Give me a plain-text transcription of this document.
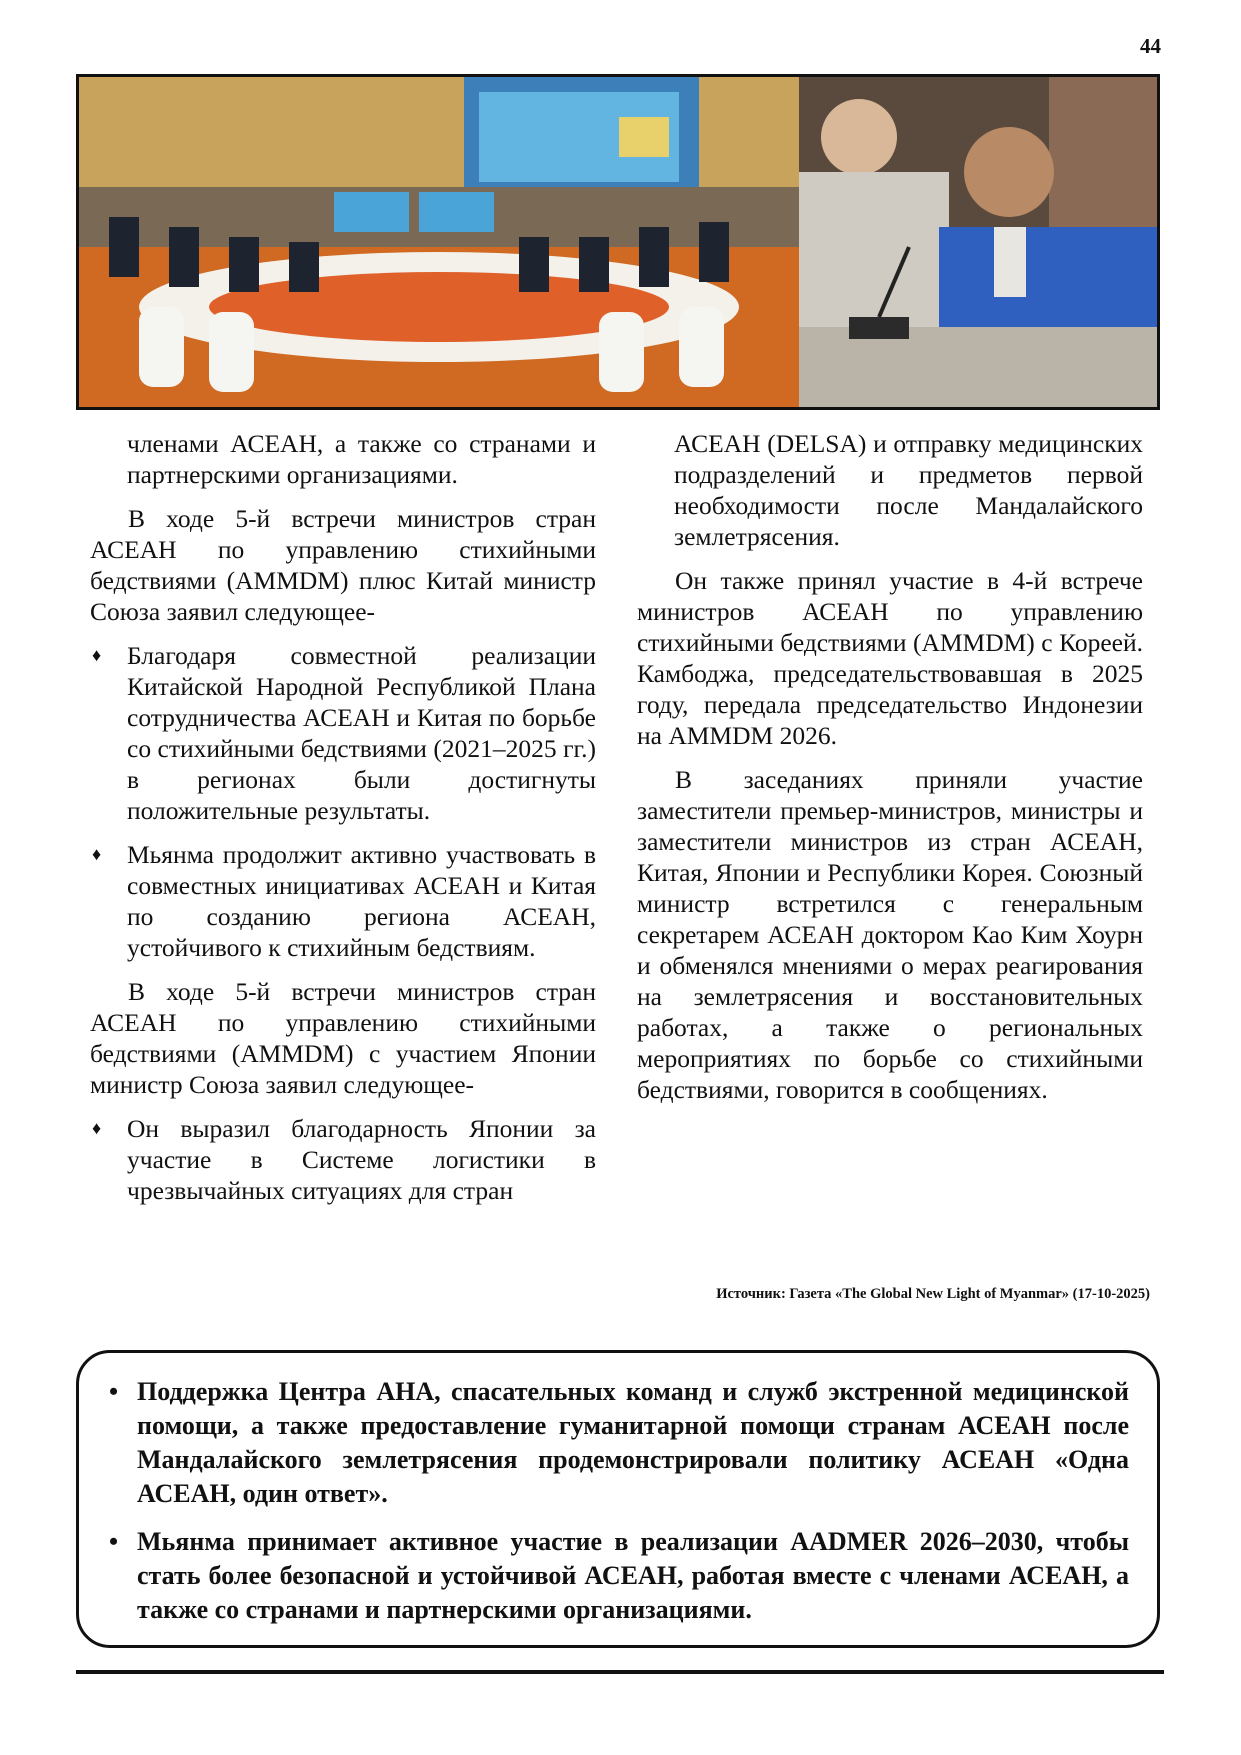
44

членами АСЕАН, а также со странами и партнерскими организациями.

В ходе 5-й встречи министров стран АСЕАН по управлению стихийными бедствиями (AMMDM) плюс Китай министр Союза заявил следующее-

♦ Благодаря совместной реализации Китайской Народной Республикой Плана сотрудничества АСЕАН и Китая по борьбе со стихийными бедствиями (2021–2025 гг.) в регионах были достигнуты положительные результаты.
♦ Мьянма продолжит активно участвовать в совместных инициативах АСЕАН и Китая по созданию региона АСЕАН, устойчивого к стихийным бедствиям.

В ходе 5-й встречи министров стран АСЕАН по управлению стихийными бедствиями (AMMDM) с участием Японии министр Союза заявил следующее-

♦ Он выразил благодарность Японии за участие в Системе логистики в чрезвычайных ситуациях для стран

АСЕАН (DELSA) и отправку медицинских подразделений и предметов первой необходимости после Мандалайского землетрясения.

Он также принял участие в 4-й встрече министров АСЕАН по управлению стихийными бедствиями (AMMDM) с Кореей. Камбоджа, председательствовавшая в 2025 году, передала председательство Индонезии на AMMDM 2026.

В заседаниях приняли участие заместители премьер-министров, министры и заместители министров из стран АСЕАН, Китая, Японии и Республики Корея. Союзный министр встретился с генеральным секретарем АСЕАН доктором Као Ким Хоурн и обменялся мнениями о мерах реагирования на землетрясения и восстановительных работах, а также о региональных мероприятиях по борьбе со стихийными бедствиями, говорится в сообщениях.

Источник: Газета «The Global New Light of Myanmar» (17-10-2025)
• Поддержка Центра АНА, спасательных команд и служб экстренной медицинской помощи, а также предоставление гуманитарной помощи странам АСЕАН после Мандалайского землетрясения продемонстрировали политику АСЕАН «Одна АСЕАН, один ответ».
• Мьянма принимает активное участие в реализации AADMER 2026–2030, чтобы стать более безопасной и устойчивой АСЕАН, работая вместе с членами АСЕАН, а также со странами и партнерскими организациями.
